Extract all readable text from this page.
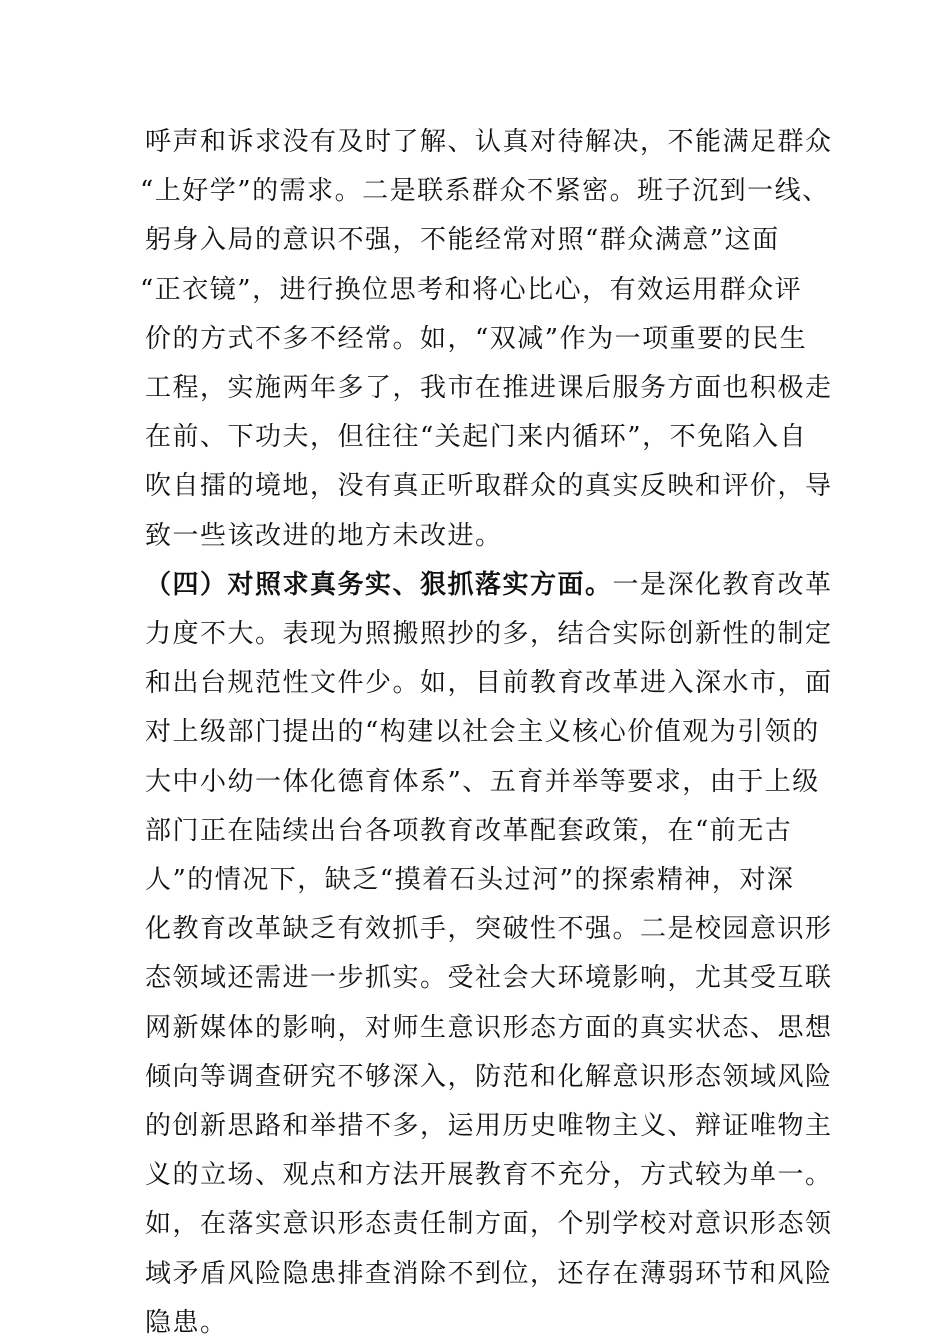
呼声和诉求没有及时了解、认真对待解决，不能满足群众
“上好学”的需求。二是联系群众不紧密。班子沉到一线、
躬身入局的意识不强，不能经常对照“群众满意”这面
“正衣镜”，进行换位思考和将心比心，有效运用群众评
价的方式不多不经常。如，“双减”作为一项重要的民生
工程，实施两年多了，我市在推进课后服务方面也积极走
在前、下功夫，但往往“关起门来内循环”，不免陷入自
吹自擂的境地，没有真正听取群众的真实反映和评价，导
致一些该改进的地方未改进。
（四）对照求真务实、狠抓落实方面。一是深化教育改革
力度不大。表现为照搬照抄的多，结合实际创新性的制定
和出台规范性文件少。如，目前教育改革进入深水市，面
对上级部门提出的“构建以社会主义核心价值观为引领的
大中小幼一体化德育体系”、五育并举等要求，由于上级
部门正在陆续出台各项教育改革配套政策，在“前无古
人”的情况下，缺乏“摸着石头过河”的探索精神，对深
化教育改革缺乏有效抓手，突破性不强。二是校园意识形
态领域还需进一步抓实。受社会大环境影响，尤其受互联
网新媒体的影响，对师生意识形态方面的真实状态、思想
倾向等调查研究不够深入，防范和化解意识形态领域风险
的创新思路和举措不多，运用历史唯物主义、辩证唯物主
义的立场、观点和方法开展教育不充分，方式较为单一。
如，在落实意识形态责任制方面，个别学校对意识形态领
域矛盾风险隐患排查消除不到位，还存在薄弱环节和风险
隐患。
